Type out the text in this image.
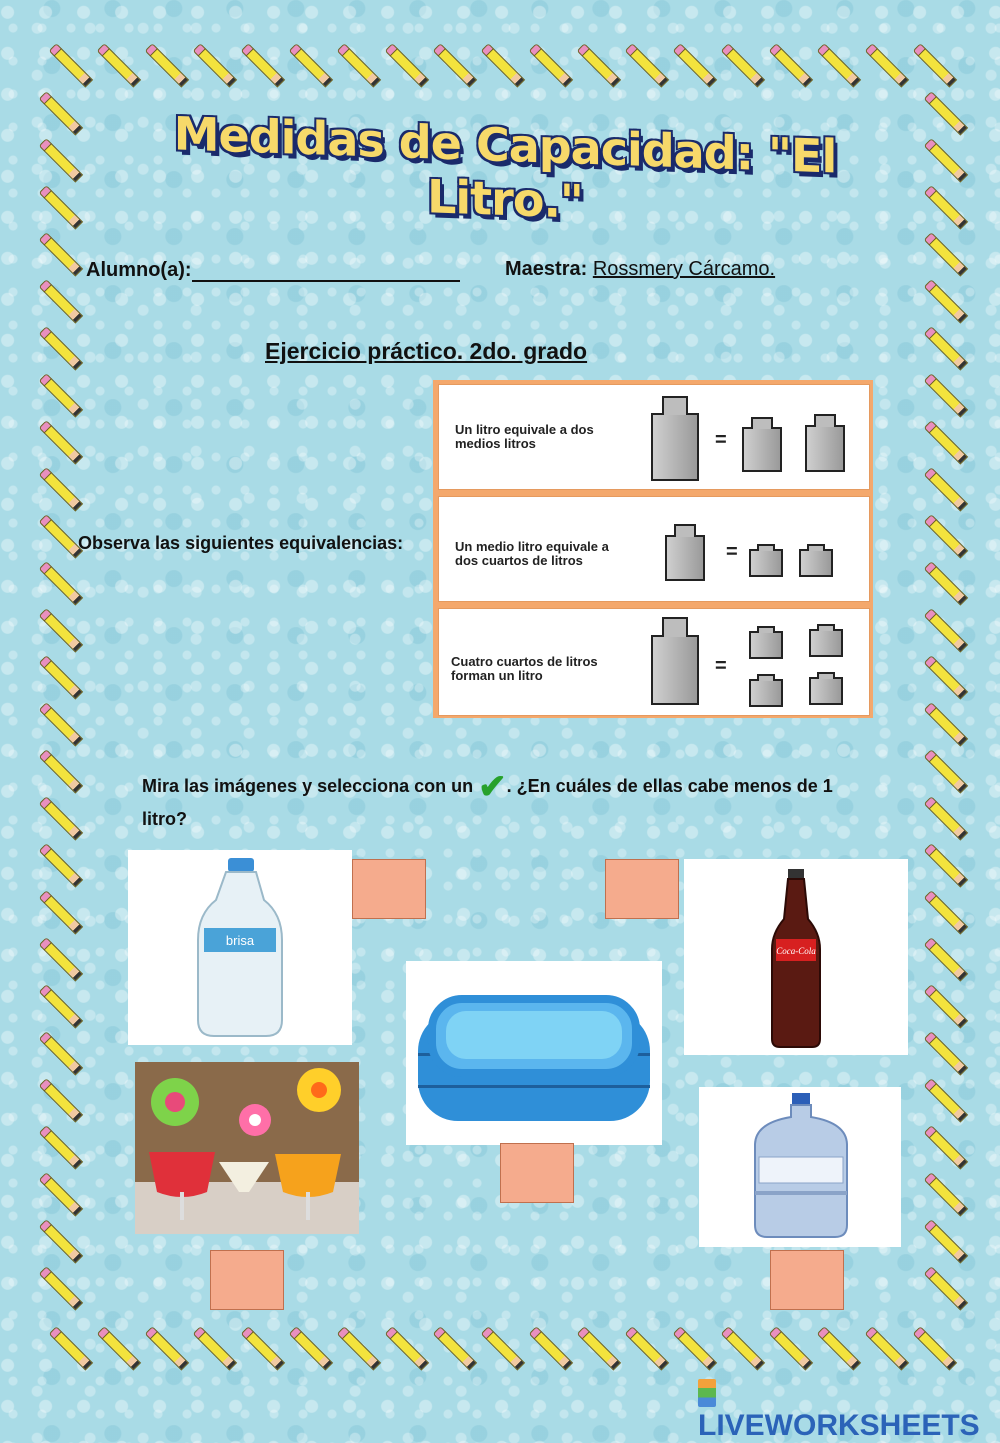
Medidas de Capacidad: "El Litro."
Alumno(a):	Maestra: Rossmery Cárcamo.
Ejercicio práctico. 2do. grado
Observa las siguientes equivalencias:
Un litro equivale a dos medios litros	=
Un medio litro equivale a dos cuartos de litros	=
Cuatro cuartos de litros forman un litro	=
Mira las imágenes y selecciona con un ✔. ¿En cuáles de ellas cabe menos de 1 litro?
brisa
Coca-Cola
LIVEWORKSHEETS
